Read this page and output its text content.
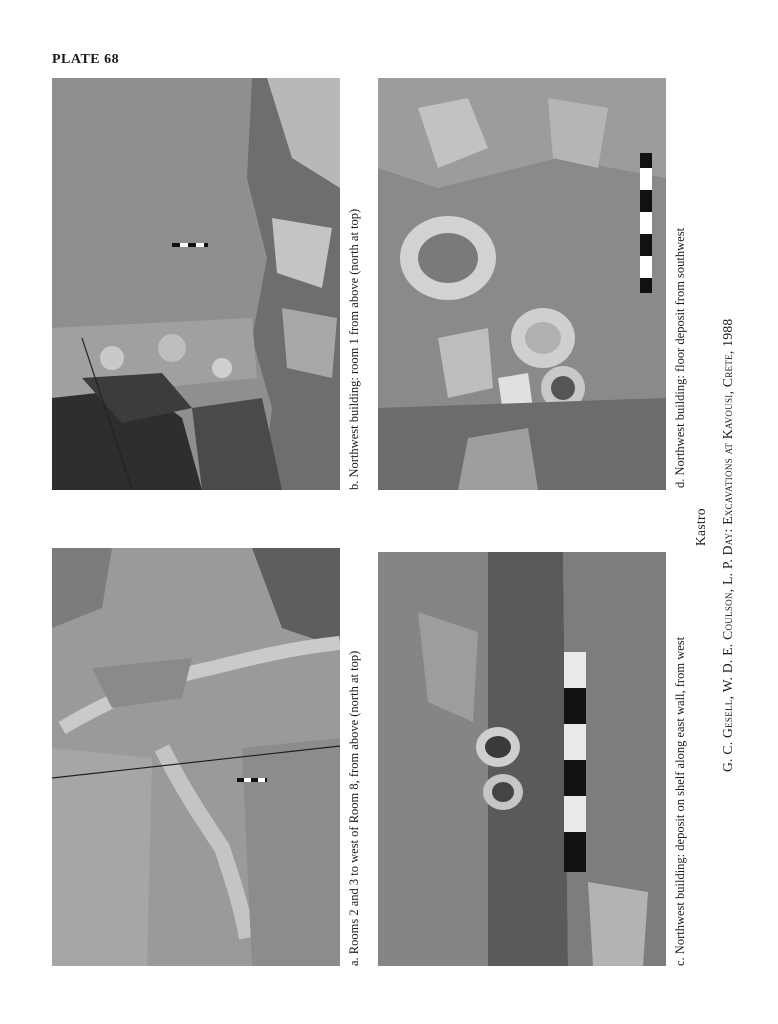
PLATE 68
b. Northwest building: room 1 from above (north at top)	d. Northwest building: floor deposit from southwest
a. Rooms 2 and 3 to west of Room 8, from above (north at top)	c. Northwest building: deposit on shelf along east wall, from west
Kastro G. C. Gesell, W. D. E. Coulson, L. P. Day: Excavations at Kavousi, Crete, 1988
